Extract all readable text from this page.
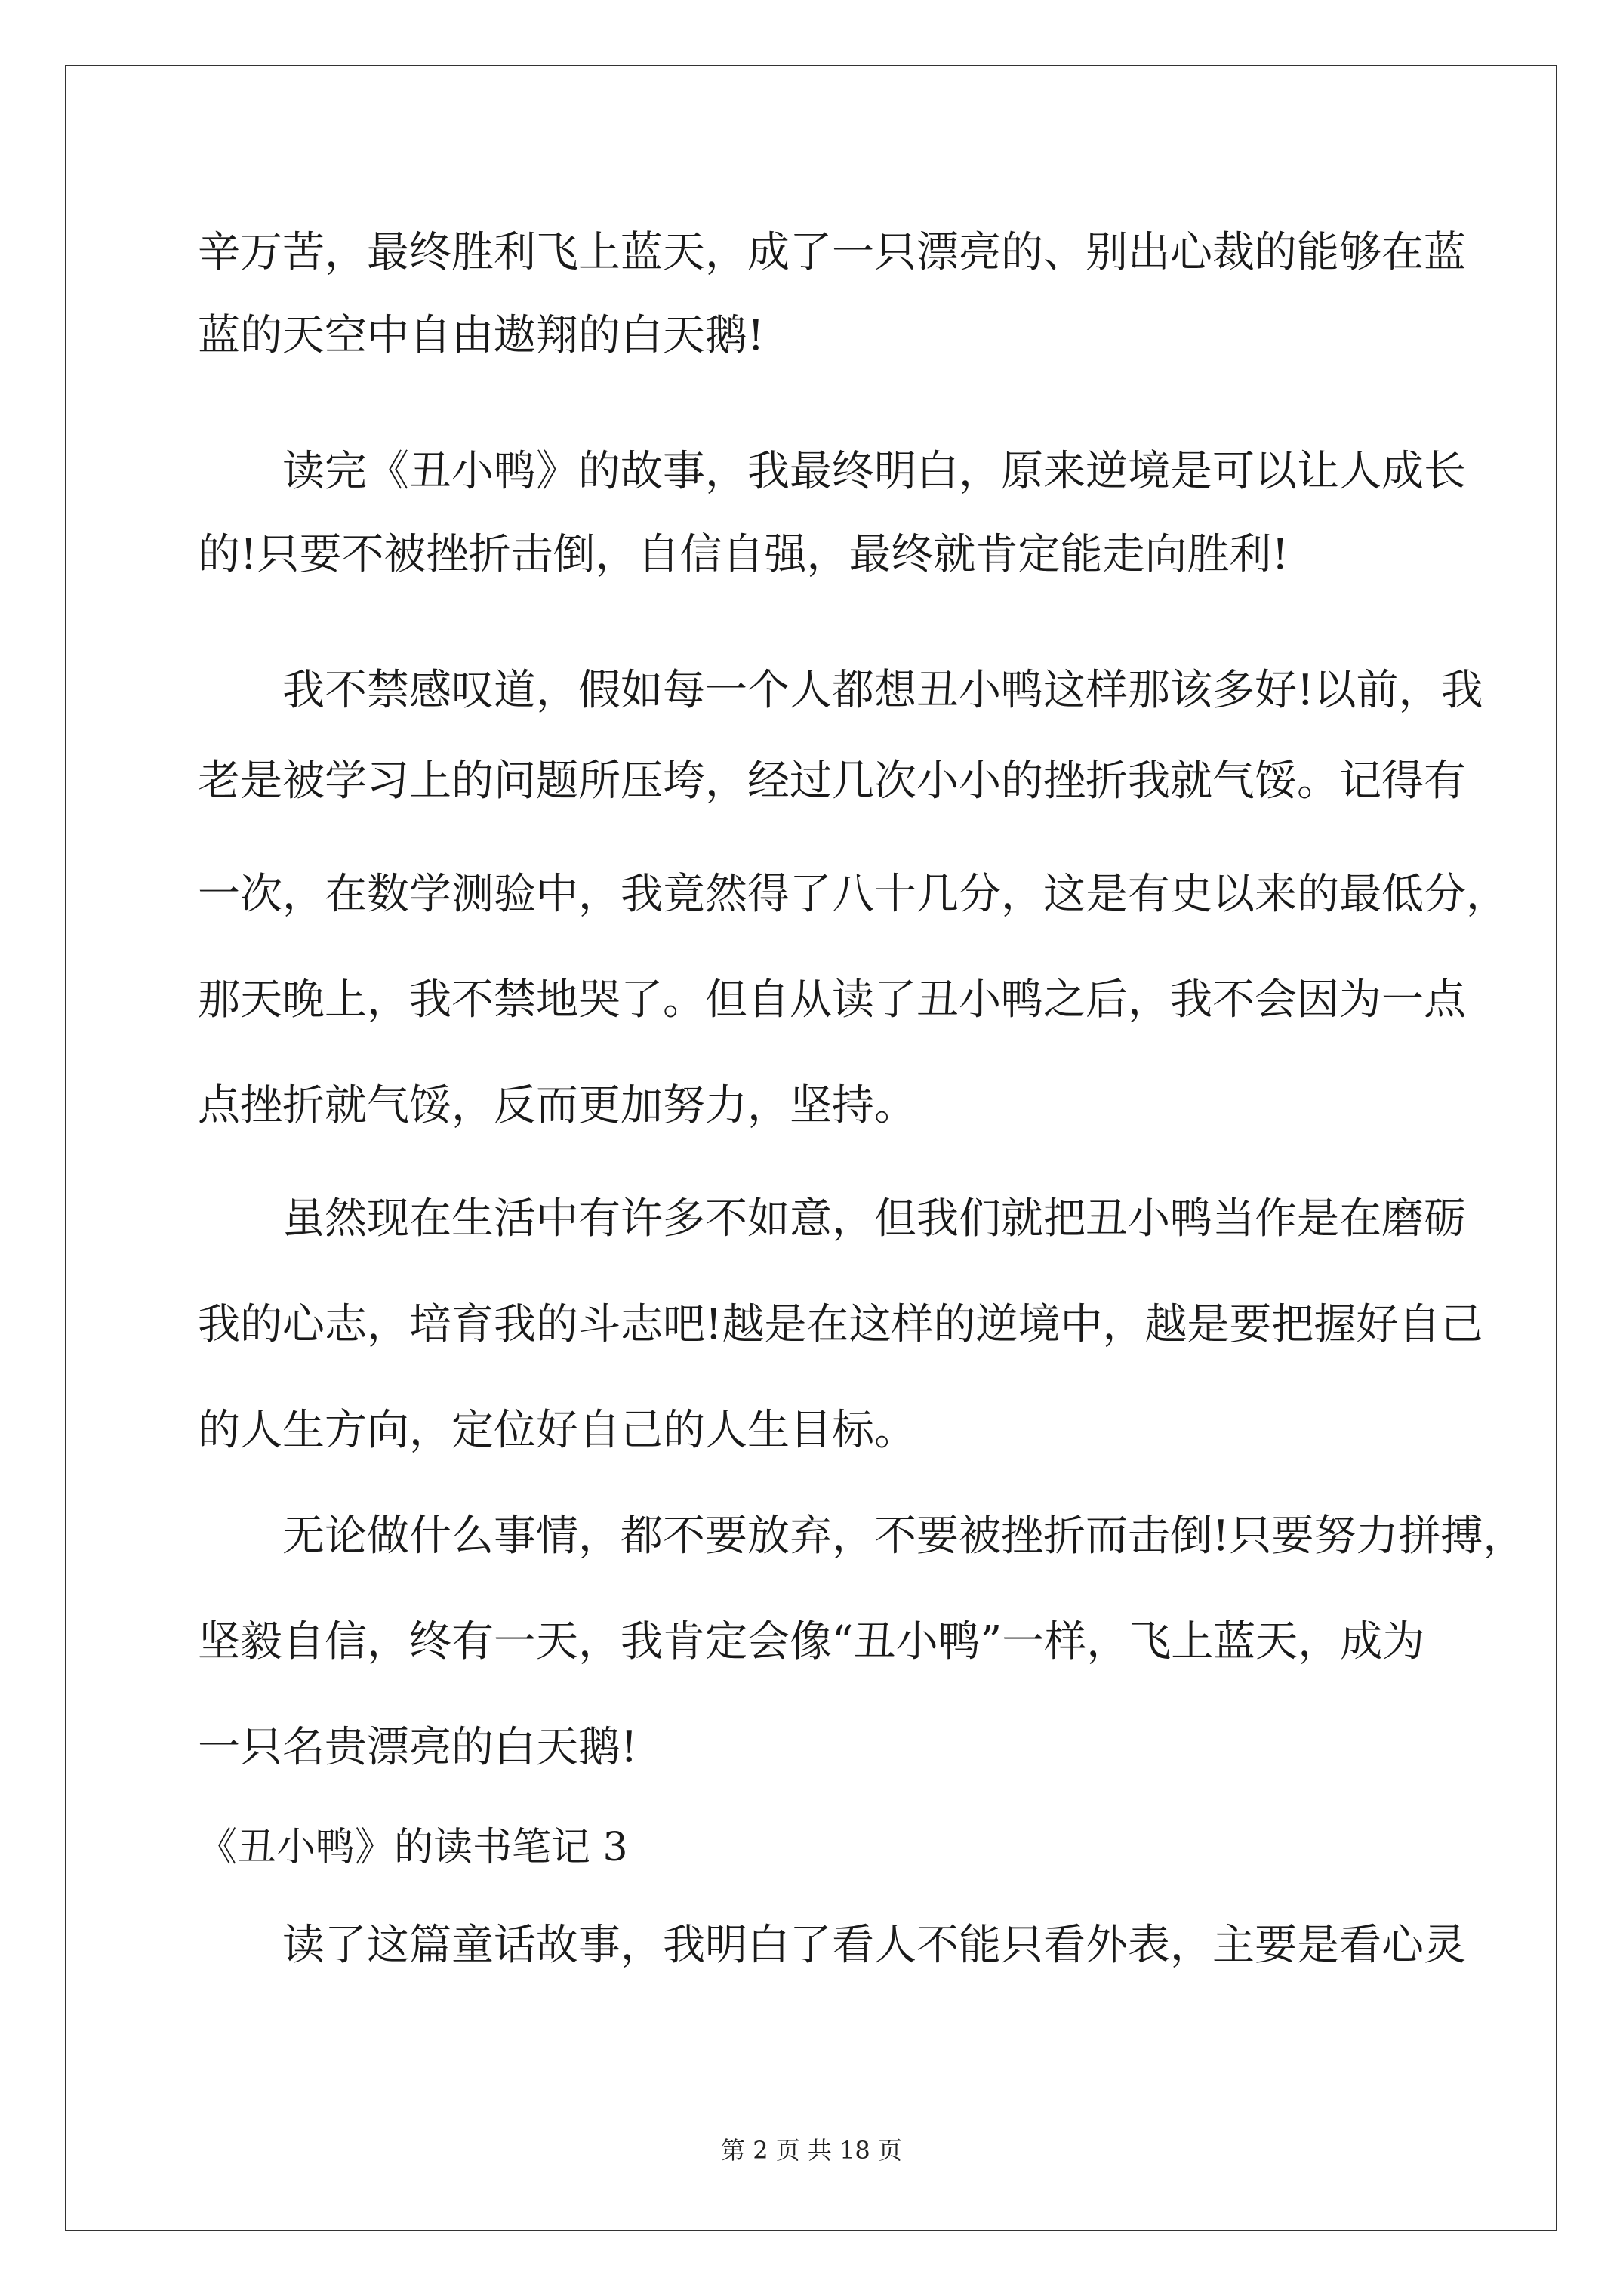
辛万苦，最终胜利飞上蓝天，成了一只漂亮的、别出心裁的能够在蓝
蓝的天空中自由遨翔的白天鹅!
读完《丑小鸭》的故事，我最终明白，原来逆境是可以让人成长
的!只要不被挫折击倒，自信自强，最终就肯定能走向胜利!
我不禁感叹道，假如每一个人都想丑小鸭这样那该多好!以前，我
老是被学习上的问题所压垮，经过几次小小的挫折我就气馁。记得有
一次，在数学测验中，我竟然得了八十几分，这是有史以来的最低分，
那天晚上，我不禁地哭了。但自从读了丑小鸭之后，我不会因为一点
点挫折就气馁，反而更加努力，坚持。
虽然现在生活中有许多不如意，但我们就把丑小鸭当作是在磨砺
我的心志，培育我的斗志吧!越是在这样的逆境中，越是要把握好自己
的人生方向，定位好自己的人生目标。
无论做什么事情，都不要放弃，不要被挫折而击倒!只要努力拼搏，
坚毅自信，终有一天，我肯定会像“丑小鸭”一样，飞上蓝天，成为
一只名贵漂亮的白天鹅!
《丑小鸭》的读书笔记 3
读了这篇童话故事，我明白了看人不能只看外表，主要是看心灵
第 2 页 共 18 页
